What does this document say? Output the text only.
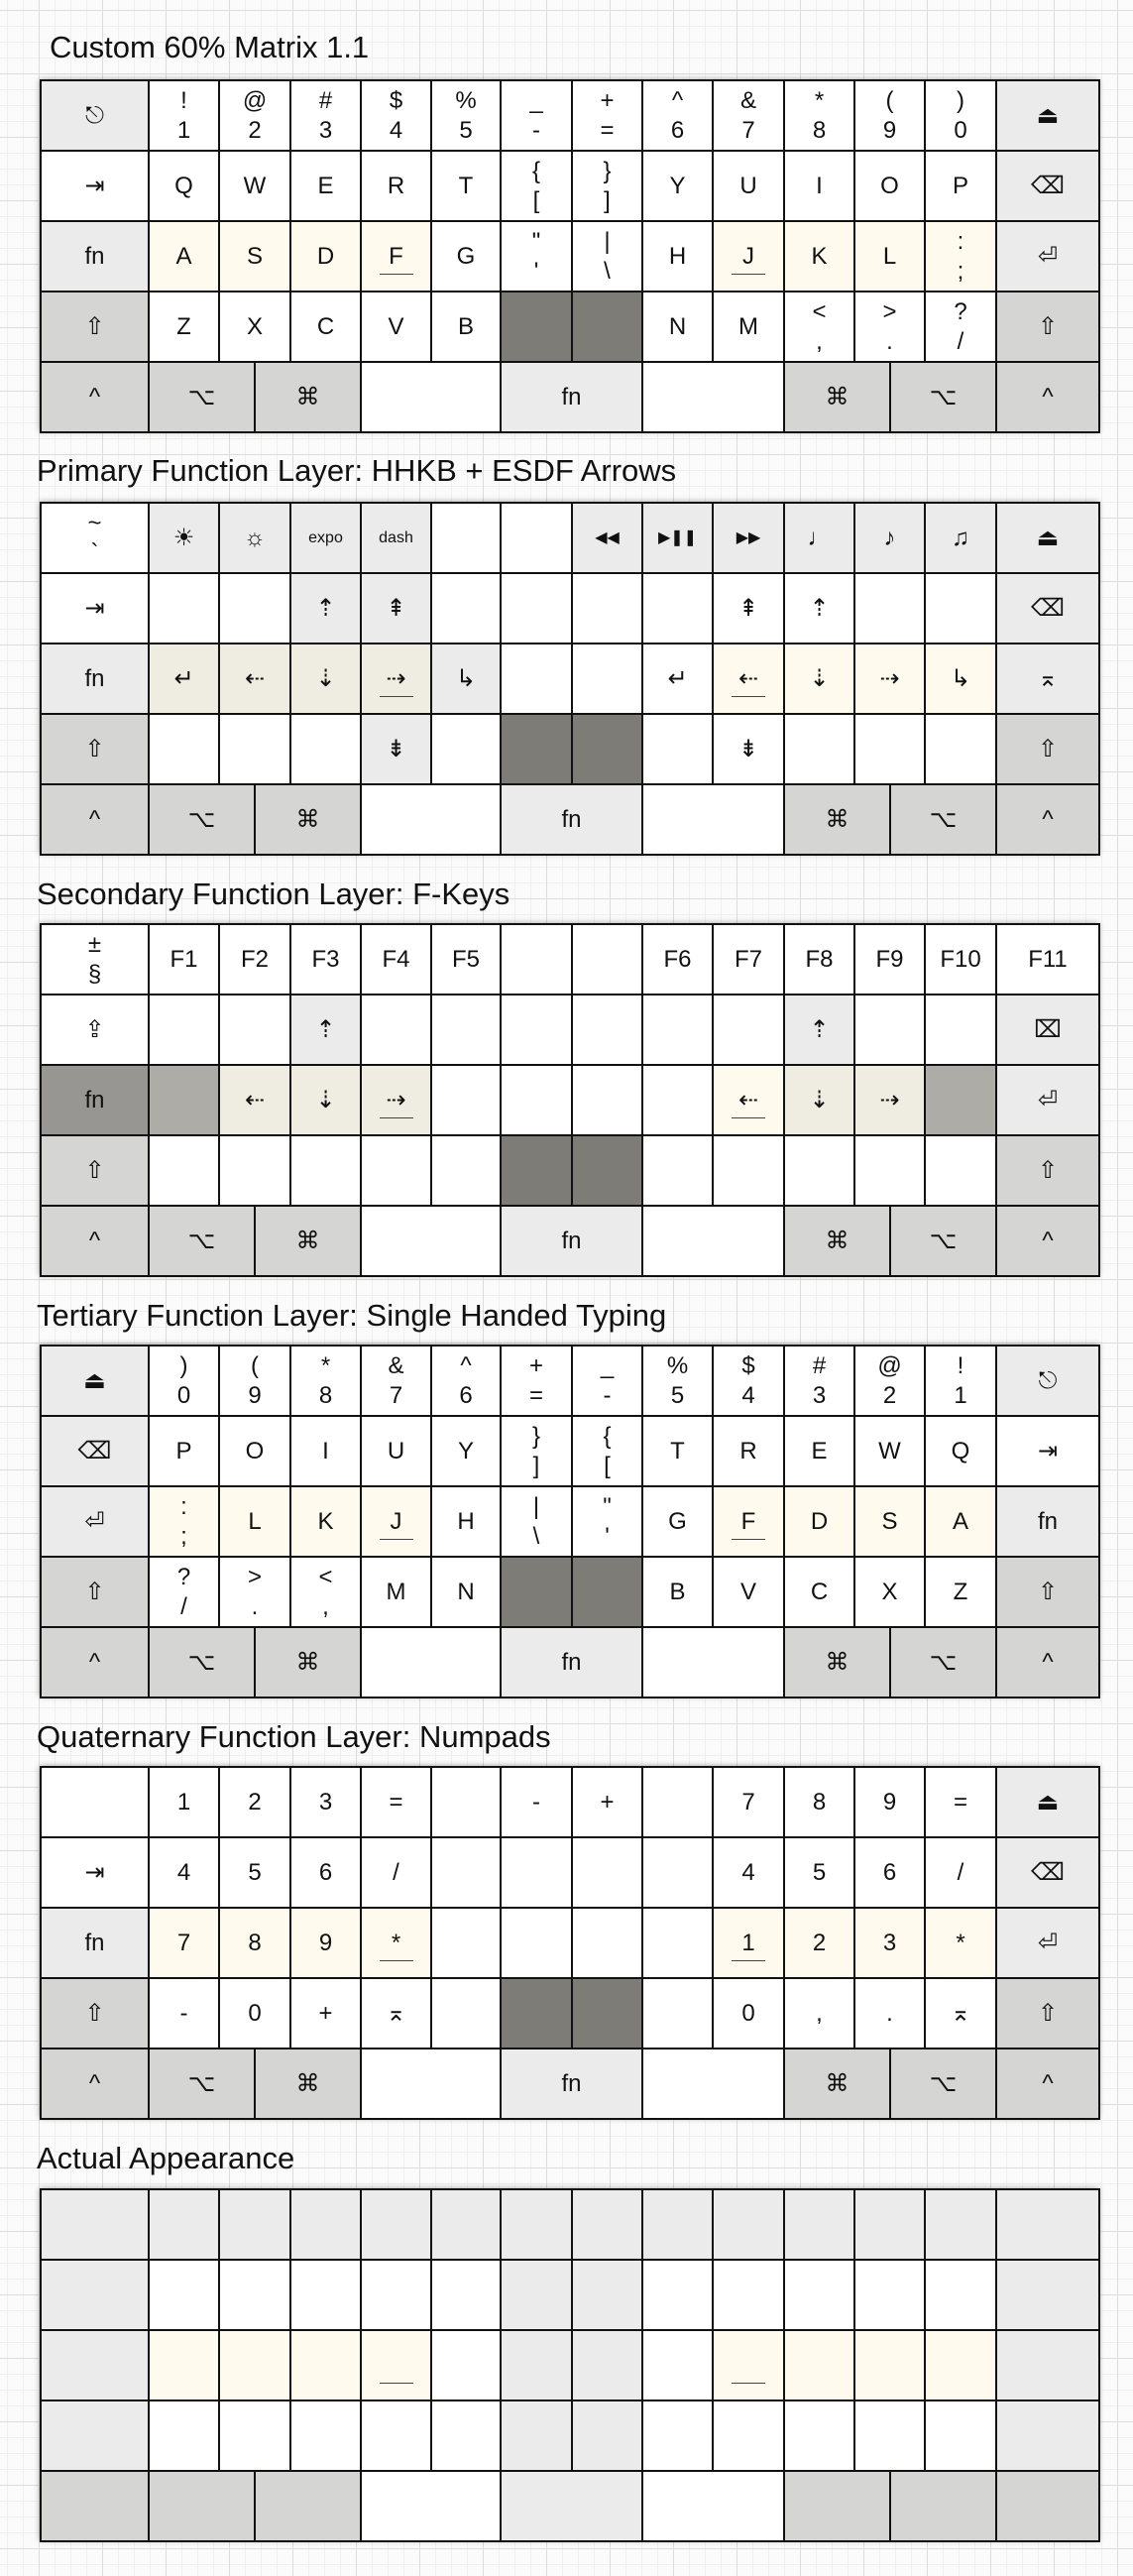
Custom 60% Matrix 1.1
⎋
!
1
@
2
#
3
$
4
%
5
_
-
+
=
^
6
&
7
*
8
(
9
)
0
⏏
⇥	Q W E R T
{
[
}
]
Y U I O P	⌫
fn	A S D F G
"
'
|
\
H J K L
:
;
⏎
⇧	Z X C V B	N M
<
,
>
.
?
/
⇧
^	⌥	⌘	fn	⌘	⌥	^
Primary Function Layer: HHKB + ESDF Arrows
~
`
☀ ☼	expo dash	◀◀ ▶❚❚ ▶▶ ♩ ♪ ♫	⏏
⇥	⇡ ⇞	⇞ ⇡	⌫
fn	↵ ⇠ ⇣ ⇢ ↳	↵ ⇠ ⇣ ⇢ ↳	⌅
⇧	⇟	⇟	⇧
^	⌥	⌘	fn	⌘	⌥	^
Secondary Function Layer: F-Keys
±
§
F1 F2 F3 F4 F5	F6 F7 F8 F9 F10 F11
⇪	⇡	⇡	⌧
fn	⇠ ⇣ ⇢	⇠ ⇣ ⇢	⏎
⇧	⇧
^	⌥	⌘	fn	⌘	⌥	^
Tertiary Function Layer: Single Handed Typing
⏏
)
0
(
9
*
8
&
7
^
6
+
=
_
-
%
5
$
4
#
3
@
2
!
1
⎋
⌫	P O I U Y
}
]
{
[
T R E W Q	⇥
⏎
:
;
L K J H
|
\
"
'
G F D S A	fn
⇧
?
/
>
.
<
,
M N	B V C X Z	⇧
^	⌥	⌘	fn	⌘	⌥	^
Quaternary Function Layer: Numpads
1 2 3 =	-	+	7 8 9 =	⏏
⇥	4 5 6	/	4 5 6	/	⌫
fn	7 8 9 *	1 2 3	*	⏎
⇧	-	0 + ⌅	0	,	. ⌅	⇧
^	⌥	⌘	fn	⌘	⌥	^
Actual Appearance
